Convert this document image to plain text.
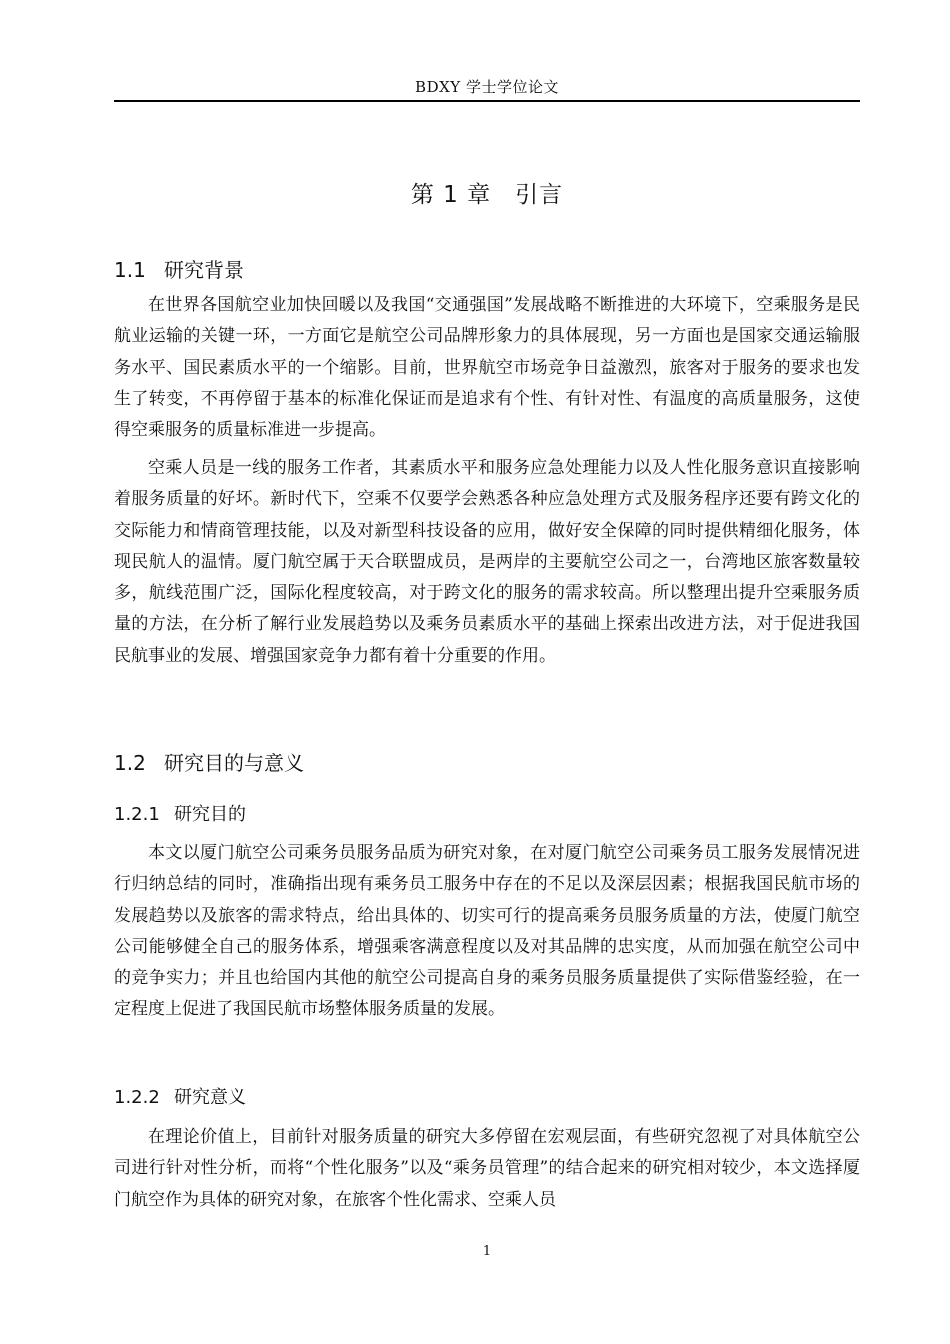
BDXY 学士学位论文
第 1 章　引言
1.1 研究背景

在世界各国航空业加快回暖以及我国“交通强国”发展战略不断推进的大环境下，空乘服务是民航业运输的关键一环，一方面它是航空公司品牌形象力的具体展现，另一方面也是国家交通运输服务水平、国民素质水平的一个缩影。目前，世界航空市场竞争日益激烈，旅客对于服务的要求也发生了转变，不再停留于基本的标准化保证而是追求有个性、有针对性、有温度的高质量服务，这使得空乘服务的质量标准进一步提高。

空乘人员是一线的服务工作者，其素质水平和服务应急处理能力以及人性化服务意识直接影响着服务质量的好坏。新时代下，空乘不仅要学会熟悉各种应急处理方式及服务程序还要有跨文化的交际能力和情商管理技能，以及对新型科技设备的应用，做好安全保障的同时提供精细化服务，体现民航人的温情。厦门航空属于天合联盟成员，是两岸的主要航空公司之一，台湾地区旅客数量较多，航线范围广泛，国际化程度较高，对于跨文化的服务的需求较高。所以整理出提升空乘服务质量的方法，在分析了解行业发展趋势以及乘务员素质水平的基础上探索出改进方法，对于促进我国民航事业的发展、增强国家竞争力都有着十分重要的作用。

1.2 研究目的与意义
1.2.1 研究目的

本文以厦门航空公司乘务员服务品质为研究对象，在对厦门航空公司乘务员工服务发展情况进行归纳总结的同时，准确指出现有乘务员工服务中存在的不足以及深层因素；根据我国民航市场的发展趋势以及旅客的需求特点，给出具体的、切实可行的提高乘务员服务质量的方法，使厦门航空公司能够健全自己的服务体系，增强乘客满意程度以及对其品牌的忠实度，从而加强在航空公司中的竞争实力；并且也给国内其他的航空公司提高自身的乘务员服务质量提供了实际借鉴经验，在一定程度上促进了我国民航市场整体服务质量的发展。

1.2.2 研究意义

在理论价值上，目前针对服务质量的研究大多停留在宏观层面，有些研究忽视了对具体航空公司进行针对性分析，而将“个性化服务”以及“乘务员管理”的结合起来的研究相对较少，本文选择厦门航空作为具体的研究对象，在旅客个性化需求、空乘人员

1
